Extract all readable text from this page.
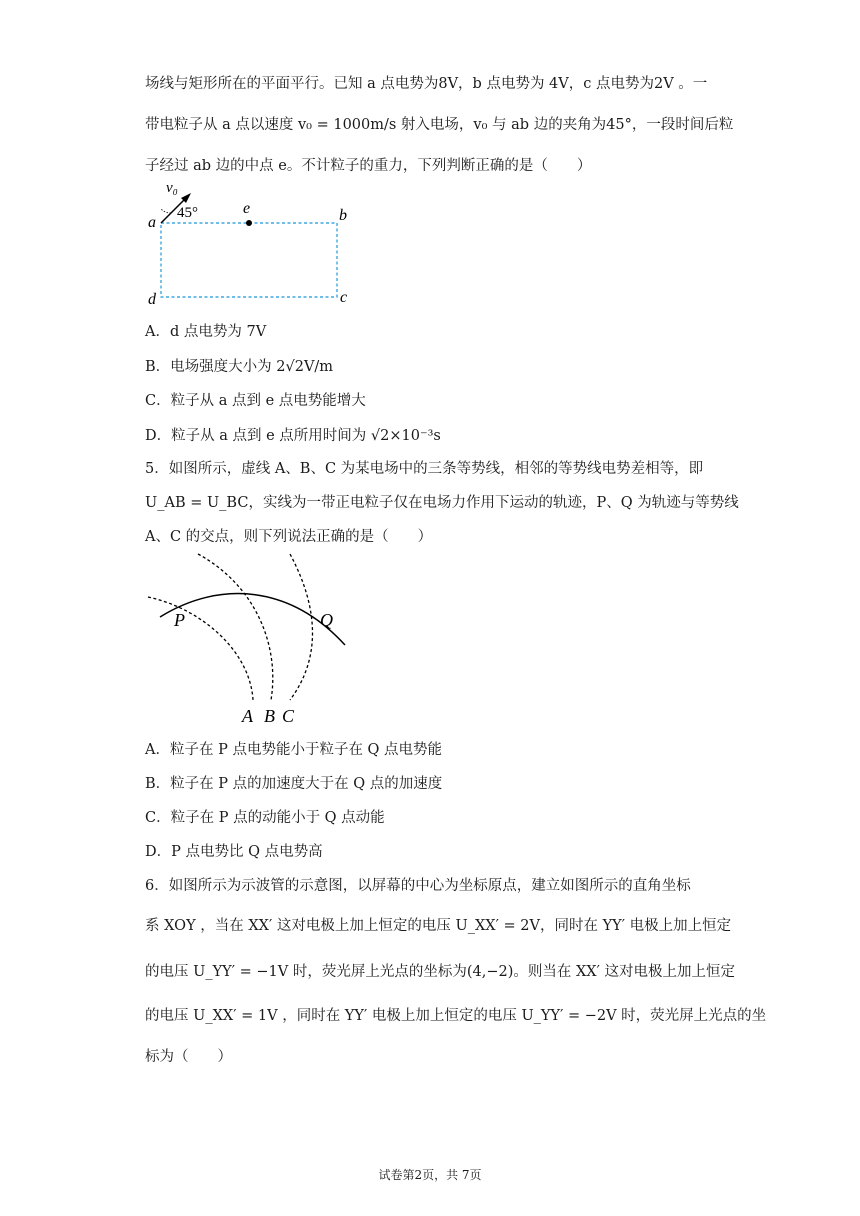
场线与矩形所在的平面平行。已知 a 点电势为8V，b 点电势为 4V，c 点电势为2V 。一
带电粒子从 a 点以速度 v₀ = 1000m/s 射入电场，v₀ 与 ab 边的夹角为45°，一段时间后粒
子经过 ab 边的中点 e。不计粒子的重力，下列判断正确的是（　　）
v₀
45°
a
e	b
d	c
A．d 点电势为 7V
B．电场强度大小为 2√2V/m
C．粒子从 a 点到 e 点电势能增大
D．粒子从 a 点到 e 点所用时间为 √2×10⁻³s
5．如图所示，虚线 A、B、C 为某电场中的三条等势线，相邻的等势线电势差相等，即
U_AB = U_BC，实线为一带正电粒子仅在电场力作用下运动的轨迹，P、Q 为轨迹与等势线
A、C 的交点，则下列说法正确的是（　　）
P	Q
A B C
A．粒子在 P 点电势能小于粒子在 Q 点电势能
B．粒子在 P 点的加速度大于在 Q 点的加速度
C．粒子在 P 点的动能小于 Q 点动能
D．P 点电势比 Q 点电势高
6．如图所示为示波管的示意图，以屏幕的中心为坐标原点，建立如图所示的直角坐标
系 XOY ，当在 XX′ 这对电极上加上恒定的电压 U_XX′ = 2V，同时在 YY′ 电极上加上恒定
的电压 U_YY′ = −1V 时，荧光屏上光点的坐标为(4,−2)。则当在 XX′ 这对电极上加上恒定
的电压 U_XX′ = 1V ，同时在 YY′ 电极上加上恒定的电压 U_YY′ = −2V 时，荧光屏上光点的坐
标为（　　）
试卷第2页，共 7页
